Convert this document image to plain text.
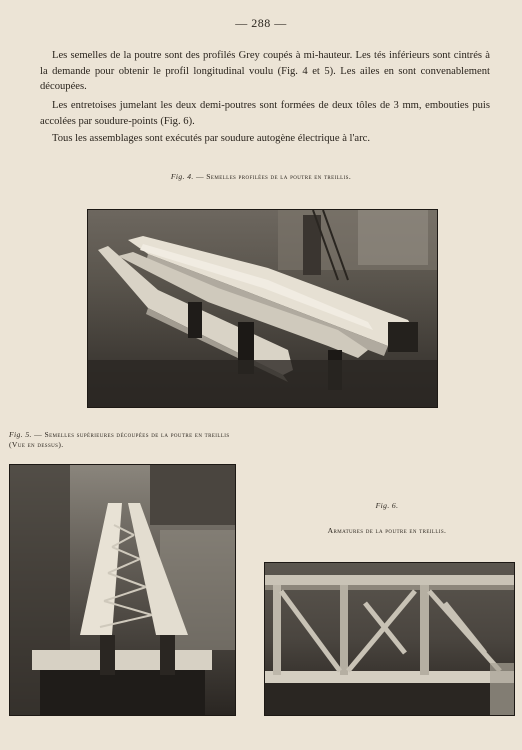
— 288 —

Les semelles de la poutre sont des profilés Grey coupés à mi-hauteur. Les tés inférieurs sont cintrés à la demande pour obtenir le profil longitudinal voulu (Fig. 4 et 5). Les ailes en sont convenablement découpées.

Les entretoises jumelant les deux demi-poutres sont formées de deux tôles de 3 mm, embouties puis accolées par soudure-points (Fig. 6).

Tous les assemblages sont exécutés par soudure autogène électrique à l'arc.

Fig. 4. — Semelles profilées de la poutre en treillis.
Fig. 5. — Semelles supérieures découpées de la poutre en treillis (Vue en dessus).
Fig. 6.
Armatures de la poutre en treillis.
